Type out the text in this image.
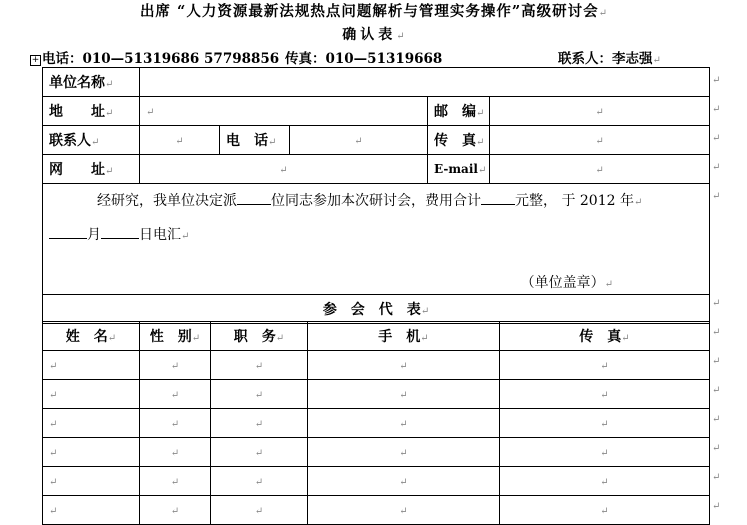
出席 “人力资源最新法规热点问题解析与管理实务操作”高级研讨会↵
确认表↵
+ 电话：010—51319686 57798856 传真：010—51319668	联系人：李志强↵
单位名称↵					
地　　址↵	↵			邮　编↵	↵
联系人↵	↵	电　话↵	↵	传　真↵	↵
网　　址↵	↵			E-mail↵	↵

经研究，我单位决定派 位同志参加本次研讨会，费用合计 元整， 于 2012 年↵
月 日电汇↵
（单位盖章）↵					

参　会　代　表↵					
姓　名↵	性　别↵	职　务↵	手　机↵	传　真↵
↵	↵	↵	↵	↵
↵	↵	↵	↵	↵
↵	↵	↵	↵	↵
↵	↵	↵	↵	↵
↵	↵	↵	↵	↵
↵	↵	↵	↵	↵
↵
↵
↵
↵
↵
↵
↵
↵
↵
↵
↵
↵
↵
